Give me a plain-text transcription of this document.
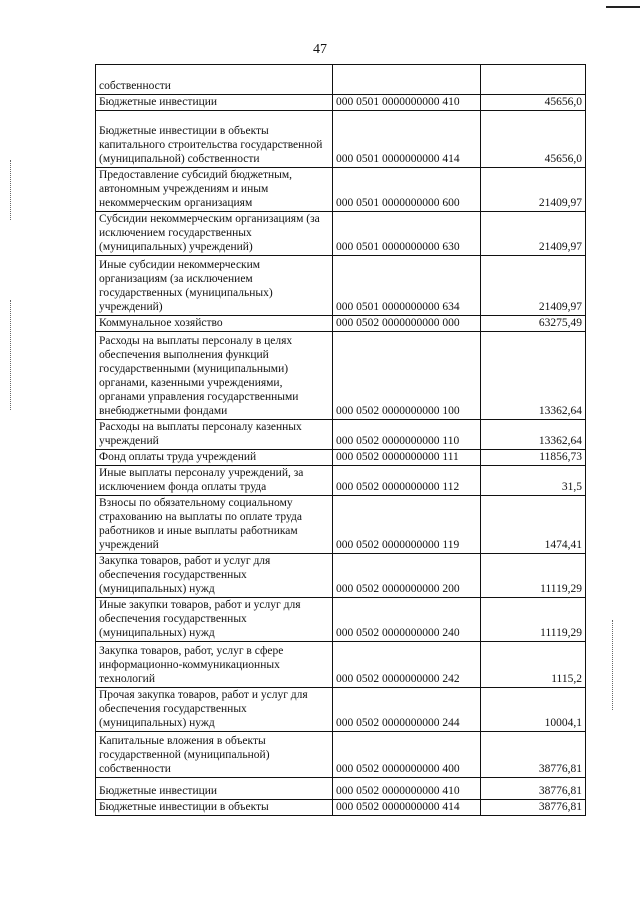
47
собственности		
Бюджетные инвестиции	000 0501 0000000000 410	45656,0
Бюджетные инвестиции в объекты капитального строительства государственной (муниципальной) собственности	000 0501 0000000000 414	45656,0
Предоставление субсидий бюджетным, автономным учреждениям и иным некоммерческим организациям	000 0501 0000000000 600	21409,97
Субсидии некоммерческим организациям (за исключением государственных (муниципальных) учреждений)	000 0501 0000000000 630	21409,97
Иные субсидии некоммерческим организациям (за исключением государственных (муниципальных) учреждений)	000 0501 0000000000 634	21409,97
Коммунальное хозяйство	000 0502 0000000000 000	63275,49
Расходы на выплаты персоналу в целях обеспечения выполнения функций государственными (муниципальными) органами, казенными учреждениями, органами управления государственными внебюджетными фондами	000 0502 0000000000 100	13362,64
Расходы на выплаты персоналу казенных учреждений	000 0502 0000000000 110	13362,64
Фонд оплаты труда учреждений	000 0502 0000000000 111	11856,73
Иные выплаты персоналу учреждений, за исключением фонда оплаты труда	000 0502 0000000000 112	31,5
Взносы по обязательному социальному страхованию на выплаты по оплате труда работников и иные выплаты работникам учреждений	000 0502 0000000000 119	1474,41
Закупка товаров, работ и услуг для обеспечения государственных (муниципальных) нужд	000 0502 0000000000 200	11119,29
Иные закупки товаров, работ и услуг для обеспечения государственных (муниципальных) нужд	000 0502 0000000000 240	11119,29
Закупка товаров, работ, услуг в сфере информационно-коммуникационных технологий	000 0502 0000000000 242	1115,2
Прочая закупка товаров, работ и услуг для обеспечения государственных (муниципальных) нужд	000 0502 0000000000 244	10004,1
Капитальные вложения в объекты государственной (муниципальной) собственности	000 0502 0000000000 400	38776,81
Бюджетные инвестиции	000 0502 0000000000 410	38776,81
Бюджетные инвестиции в объекты	000 0502 0000000000 414	38776,81
